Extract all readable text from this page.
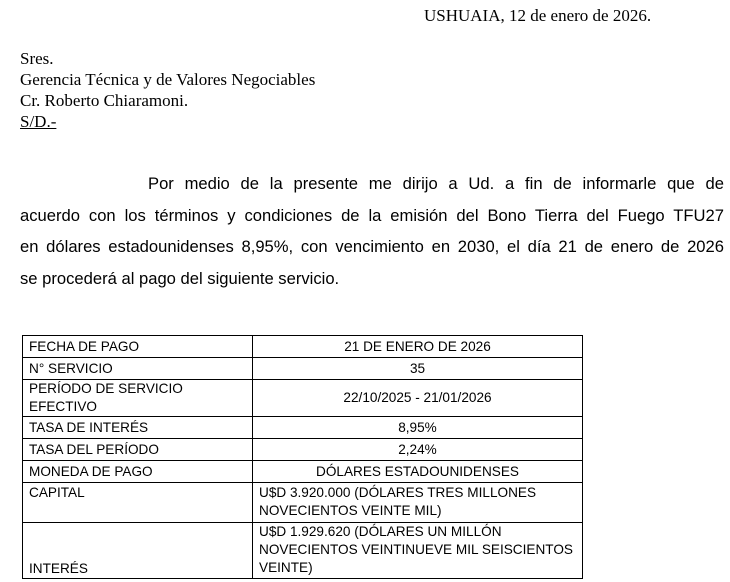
USHUAIA, 12 de enero de 2026.
Sres.
Gerencia Técnica y de Valores Negociables
Cr. Roberto Chiaramoni.
S/D.-
Por medio de la presente me dirijo a Ud. a fin de informarle que de
acuerdo con los términos y condiciones de la emisión del Bono Tierra del Fuego TFU27
en dólares estadounidenses 8,95%, con vencimiento en 2030, el día 21 de enero de 2026
se procederá al pago del siguiente servicio.
FECHA DE PAGO	21 DE ENERO DE 2026
N° SERVICIO	35
PERÍODO DE SERVICIO EFECTIVO	22/10/2025 - 21/01/2026
TASA DE INTERÉS	8,95%
TASA DEL PERÍODO	2,24%
MONEDA DE PAGO	DÓLARES ESTADOUNIDENSES
CAPITAL	U$D 3.920.000 (DÓLARES TRES MILLONES
NOVECIENTOS VEINTE MIL)

INTERÉS	U$D 1.929.620 (DÓLARES UN MILLÓN
NOVECIENTOS VEINTINUEVE MIL SEISCIENTOS
VEINTE)
